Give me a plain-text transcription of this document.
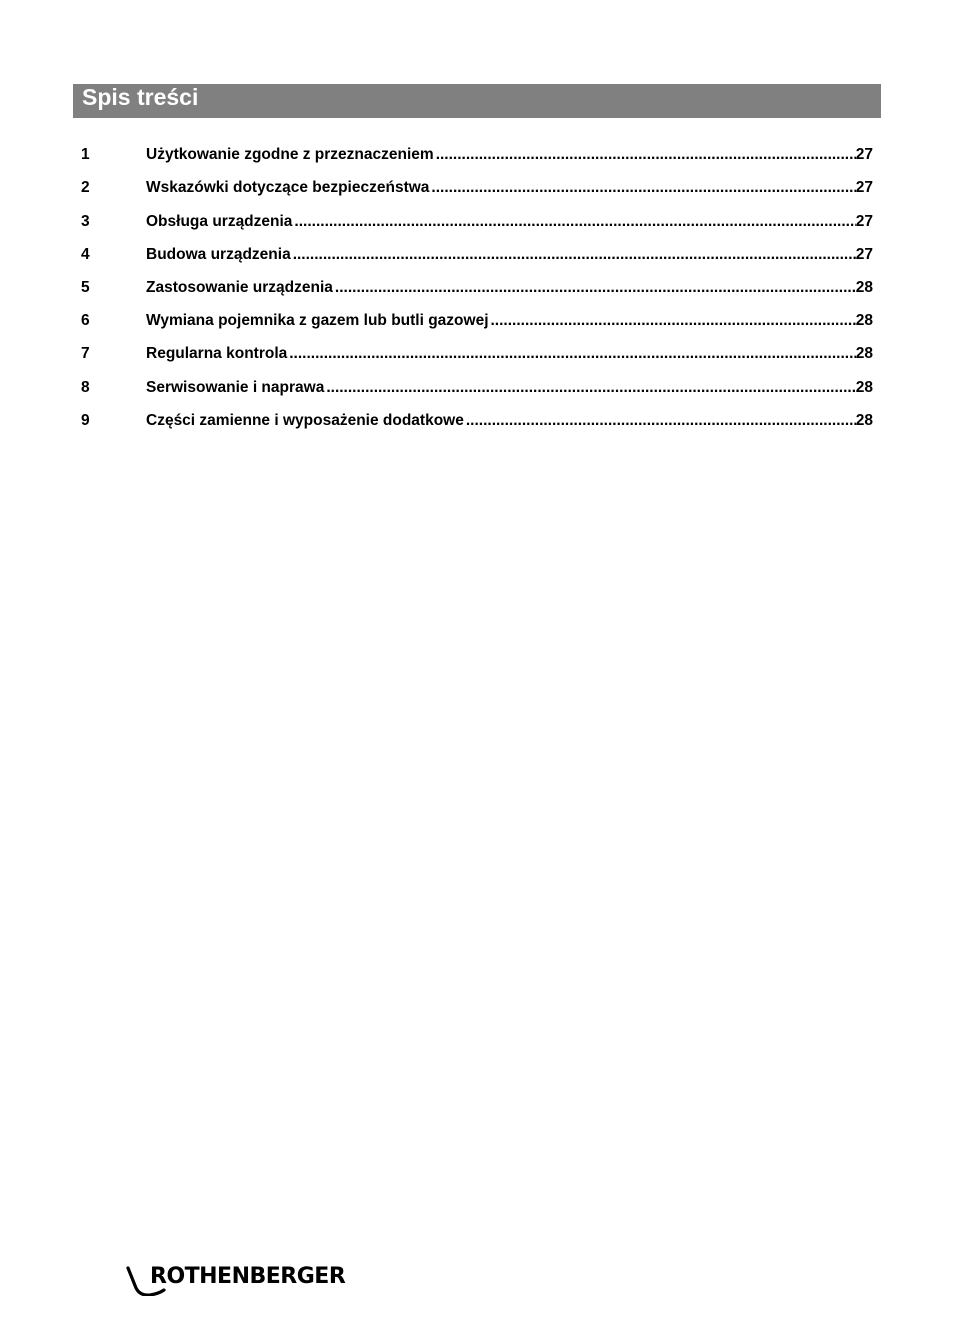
Spis treści
1	Użytkowanie zgodne z przeznaczeniem .....	27
2	Wskazówki dotyczące bezpieczeństwa .....	27
3	Obsługa urządzenia .....	27
4	Budowa urządzenia .....	27
5	Zastosowanie urządzenia .....	28
6	Wymiana pojemnika z gazem lub butli gazowej .....	28
7	Regularna kontrola .....	28
8	Serwisowanie i naprawa .....	28
9	Części zamienne i wyposażenie dodatkowe .....	28
ROTHENBERGER
